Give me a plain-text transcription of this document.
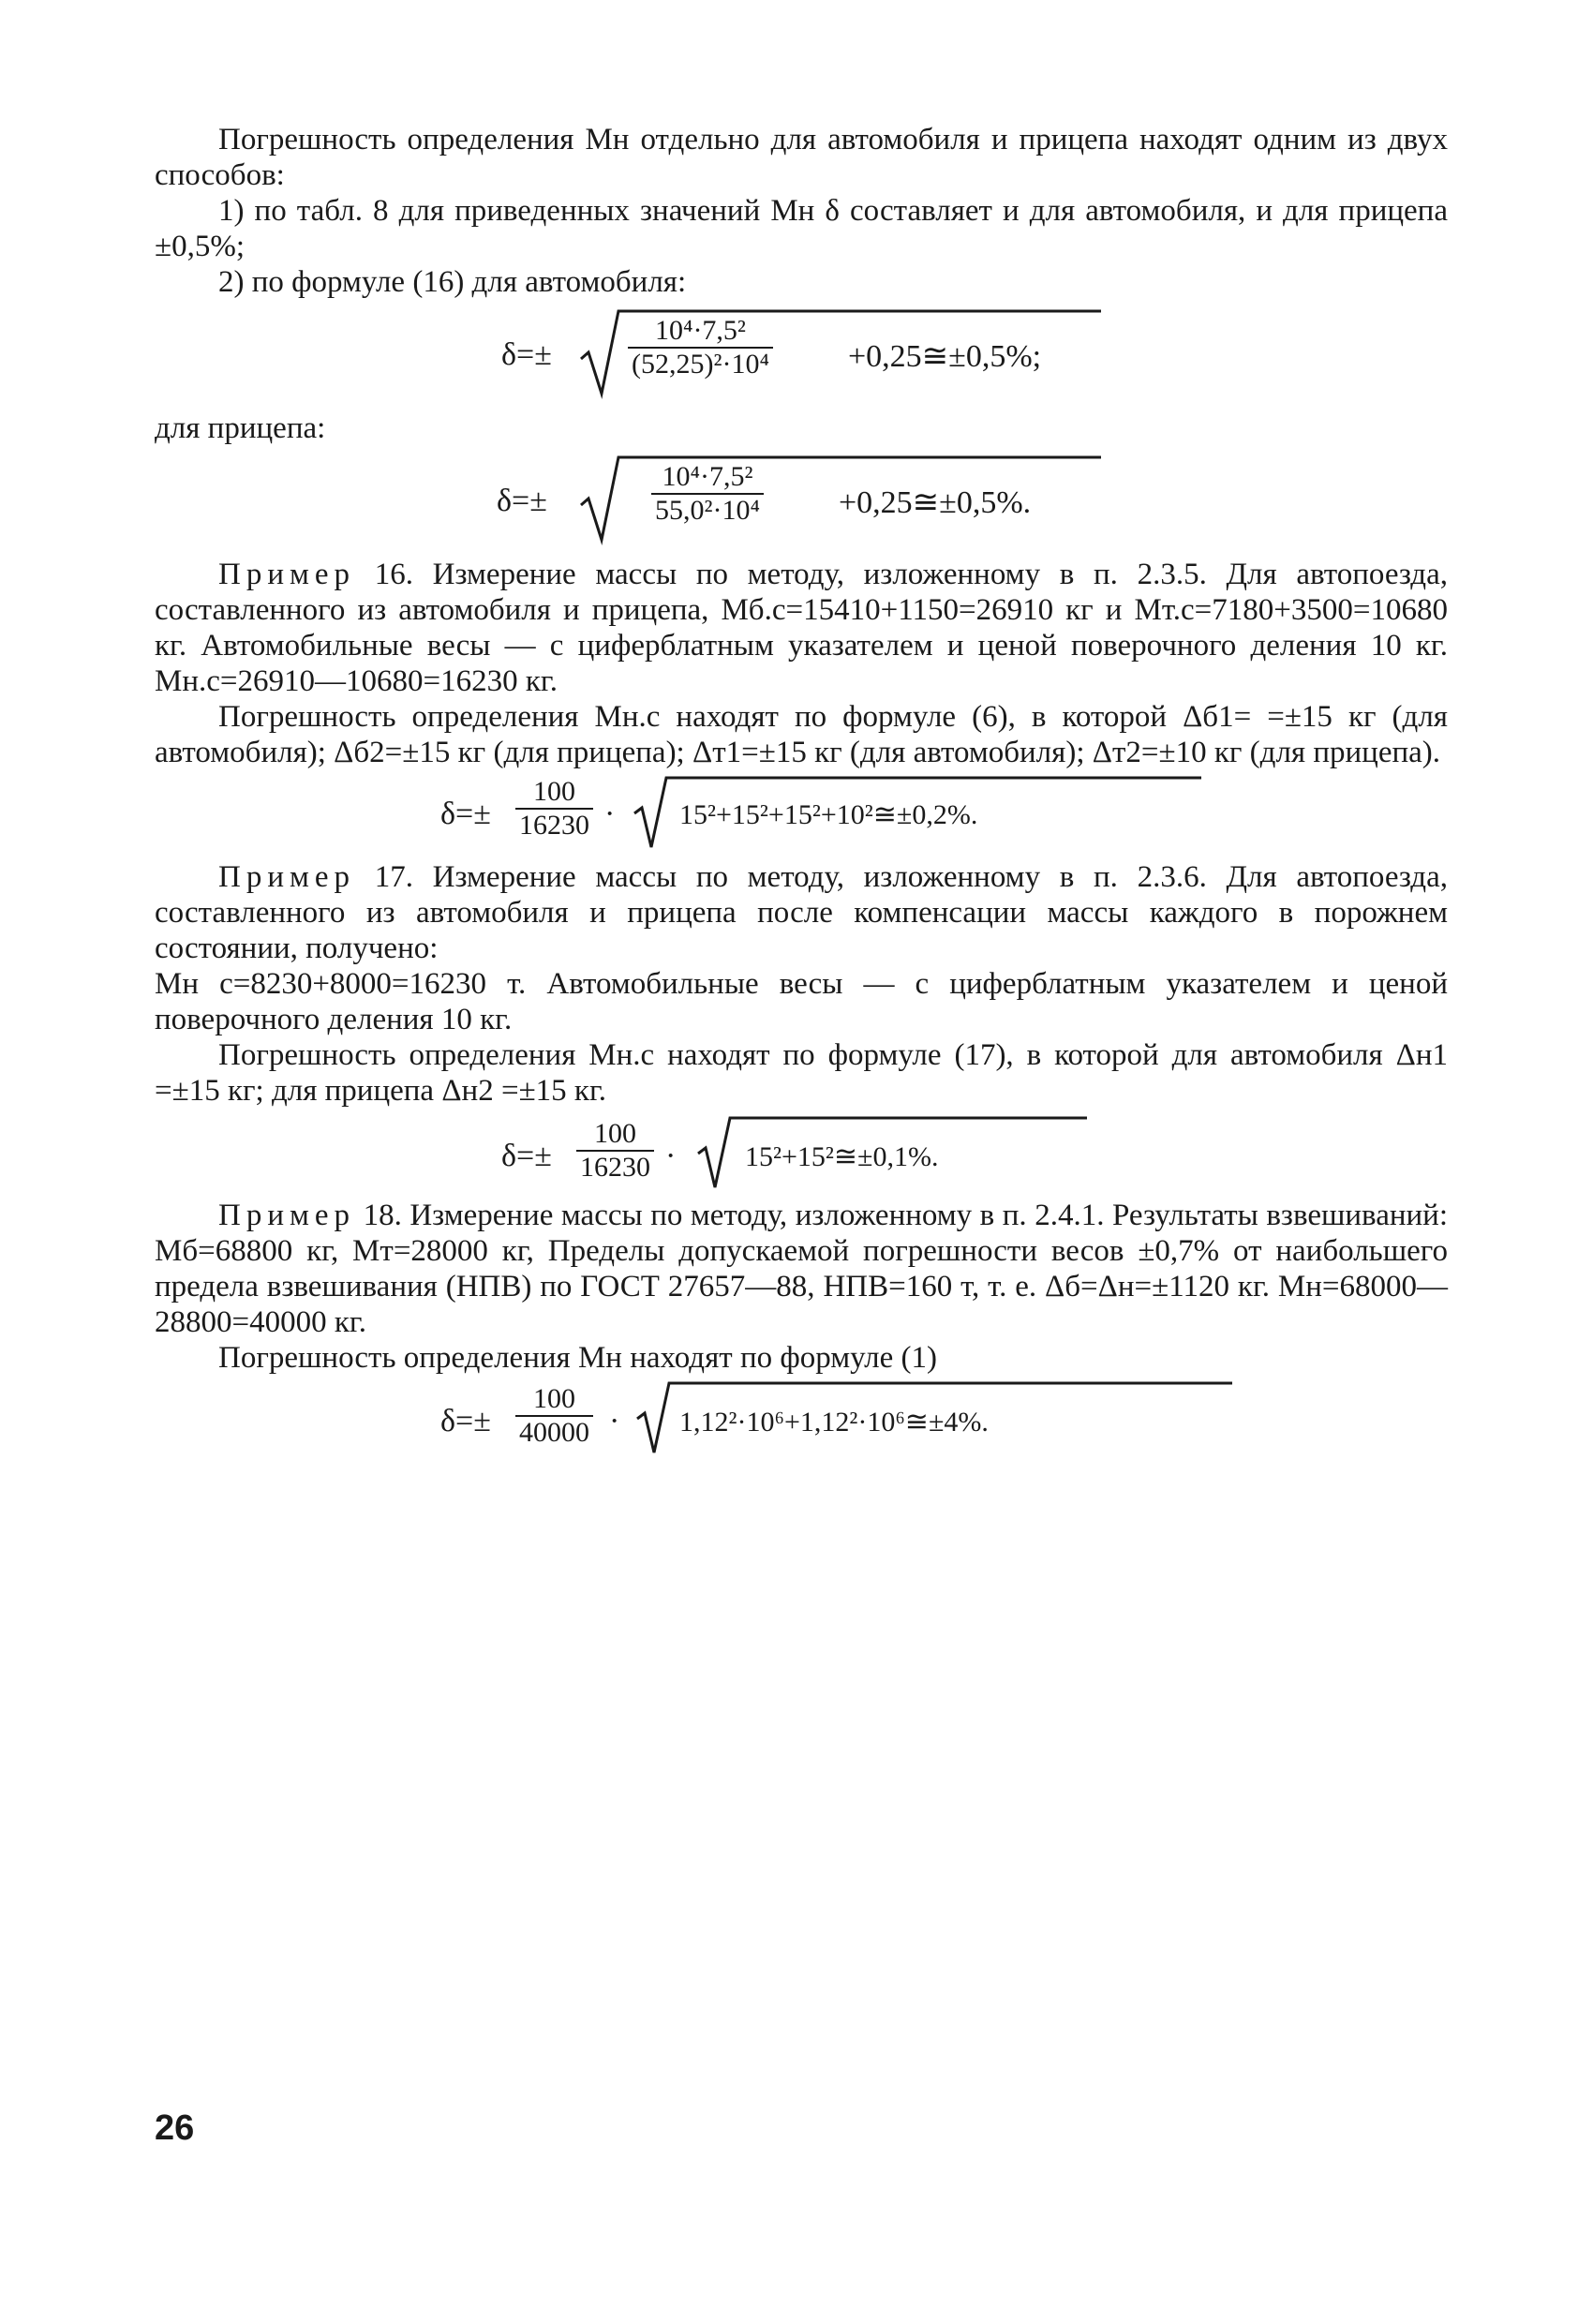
Погрешность определения Mн отдельно для автомобиля и прицепа находят одним из двух способов:

1) по табл. 8 для приведенных значений Mн δ составляет и для автомобиля, и для прицепа ±0,5%;

2) по формуле (16) для автомобиля:

δ=±	$\frac{\text{10⁴·7,5²}}{\text{(52,25)²·10⁴}}$ +0,25≅±0,5%;

для прицепа:

δ=±	$\frac{\text{10⁴·7,5²}}{\text{55,0²·10⁴}}$ +0,25≅±0,5%.

Пример 16. Измерение массы по методу, изложенному в п. 2.3.5. Для автопоезда, составленного из автомобиля и прицепа, Mб.с=15410+1150=26910 кг и Mт.с=7180+3500=10680 кг. Автомобильные весы — с циферблатным указателем и ценой поверочного деления 10 кг. Mн.с=26910—10680=16230 кг.

Погрешность определения Mн.с находят по формуле (6), в которой Δб1= =±15 кг (для автомобиля); Δб2=±15 кг (для прицепа); Δт1=±15 кг (для автомобиля); Δт2=±10 кг (для прицепа).

$\delta=\pm \frac{100}{16230}$ · 15²+15²+15²+10²≅±0,2%.

Пример 17. Измерение массы по методу, изложенному в п. 2.3.6. Для автопоезда, составленного из автомобиля и прицепа после компенсации массы каждого в порожнем состоянии, получено:

Mн с=8230+8000=16230 т. Автомобильные весы — с циферблатным указателем и ценой поверочного деления 10 кг.

Погрешность определения Mн.с находят по формуле (17), в которой для автомобиля Δн1 =±15 кг; для прицепа Δн2 =±15 кг.

$\delta=\pm \frac{100}{16230}$ · 15²+15²≅±0,1%.

Пример 18. Измерение массы по методу, изложенному в п. 2.4.1. Результаты взвешиваний: Mб=68800 кг, Mт=28000 кг, Пределы допускаемой погрешности весов ±0,7% от наибольшего предела взвешивания (НПВ) по ГОСТ 27657—88, НПВ=160 т, т. е. Δб=Δн=±1120 кг. Mн=68000—28800=40000 кг.

Погрешность определения Mн находят по формуле (1)

$\delta=\pm \frac{100}{40000}$ · 1,12²·10⁶+1,12²·10⁶≅±4%.
26
